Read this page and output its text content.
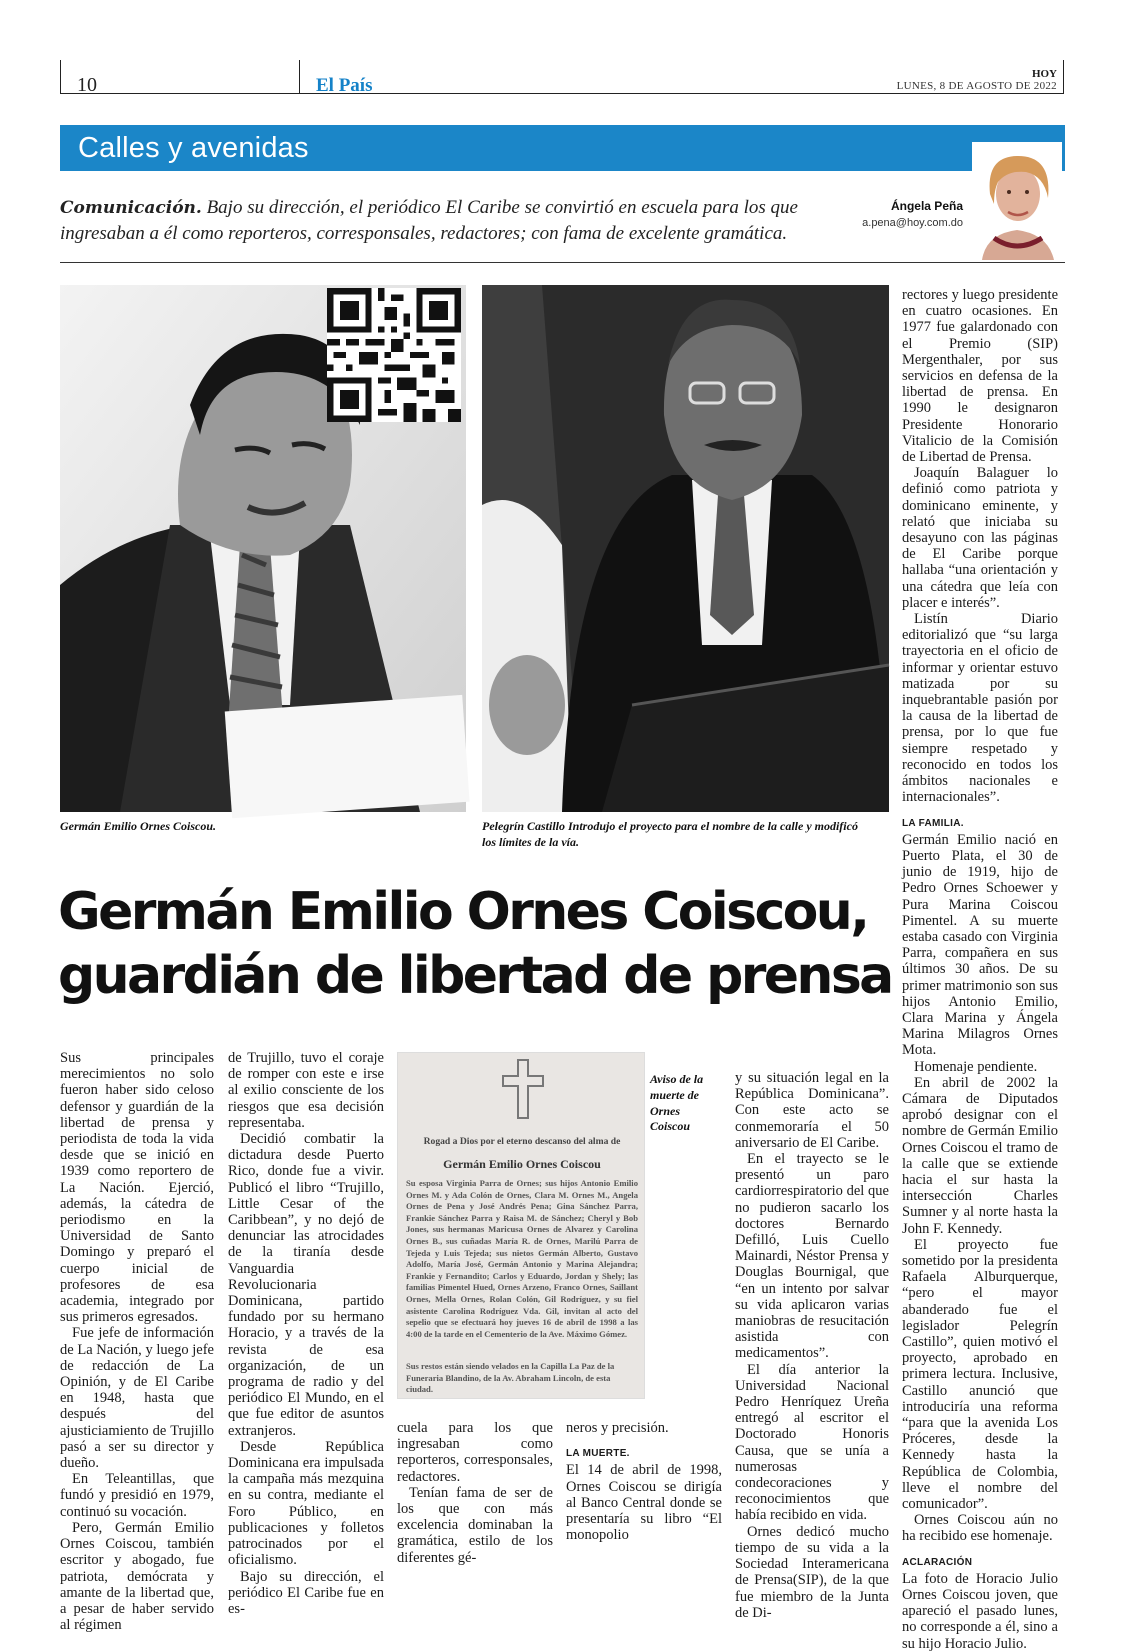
10	El País
HOY
LUNES, 8 DE AGOSTO DE 2022
Calles y avenidas
Comunicación. Bajo su dirección, el periódico El Caribe se convirtió en escuela para los que ingresaban a él como reporteros, corresponsales, redactores; con fama de excelente gramática.
Ángela Peña
a.pena@hoy.com.do
Germán Emilio Ornes Coiscou.	Pelegrín Castillo Introdujo el proyecto para el nombre de la calle y modificó los límites de la vía.
Germán Emilio Ornes Coiscou,
guardián de libertad de prensa

Sus principales merecimientos no solo fueron haber sido celoso defensor y guardián de la libertad de prensa y periodista de toda la vida desde que se inició en 1939 como reportero de La Nación. Ejerció, además, la cátedra de periodismo en la Universidad de Santo Domingo y preparó el cuerpo inicial de profesores de esa academia, integrado por sus primeros egresados.

Fue jefe de información de La Nación, y luego jefe de redacción de La Opinión, y de El Caribe en 1948, hasta que después del ajusticiamiento de Trujillo pasó a ser su director y dueño.

En Teleantillas, que fundó y presidió en 1979, continuó su vocación.

Pero, Germán Emilio Ornes Coiscou, también escritor y abogado, fue patriota, demócrata y amante de la libertad que, a pesar de haber servido al régimen

de Trujillo, tuvo el coraje de romper con este e irse al exilio consciente de los riesgos que esa decisión representaba.

Decidió combatir la dictadura desde Puerto Rico, donde fue a vivir. Publicó el libro “Trujillo, Little Cesar of the Caribbean”, y no dejó de denunciar las atrocidades de la tiranía desde Vanguardia Revolucionaria Dominicana, partido fundado por su hermano Horacio, y a través de la revista de esa organización, de un programa de radio y del periódico El Mundo, en el que fue editor de asuntos extranjeros.

Desde República Dominicana era impulsada la campaña más mezquina en su contra, mediante el Foro Público, en publicaciones y folletos patrocinados por el oficialismo.

Bajo su dirección, el periódico El Caribe fue en es-

Rogad a Dios por el eterno descanso del alma de
Germán Emilio Ornes Coiscou
Su esposa Virginia Parra de Ornes; sus hijos Antonio Emilio Ornes M. y Ada Colón de Ornes, Clara M. Ornes M., Angela Ornes de Pena y José Andrés Pena; Gina Sánchez Parra, Frankie Sánchez Parra y Raisa M. de Sánchez; Cheryl y Bob Jones, sus hermanas Maricusa Ornes de Alvarez y Carolina Ornes B., sus cuñadas María R. de Ornes, Marilú Parra de Tejeda y Luis Tejeda; sus nietos Germán Alberto, Gustavo Adolfo, María José, Germán Antonio y Marina Alejandra; Frankie y Fernandito; Carlos y Eduardo, Jordan y Shely; las familias Pimentel Hued, Ornes Arzeno, Franco Ornes, Saillant Ornes, Mella Ornes, Rolan Colón, Gil Rodríguez, y su fiel asistente Carolina Rodríguez Vda. Gil, invitan al acto del sepelio que se efectuará hoy jueves 16 de abril de 1998 a las 4:00 de la tarde en el Cementerio de la Ave. Máximo Gómez.
Sus restos están siendo velados en la Capilla La Paz de la Funeraria Blandino, de la Av. Abraham Lincoln, de esta ciudad.
Aviso de la muerte de Ornes Coiscou

cuela para los que ingresaban como reporteros, corresponsales, redactores.

Tenían fama de ser de los que con más excelencia dominaban la gramática, estilo de los diferentes gé-

neros y precisión.

LA MUERTE.

El 14 de abril de 1998, Ornes Coiscou se dirigía al Banco Central donde se presentaría su libro “El monopolio

y su situación legal en la República Dominicana”. Con este acto se conmemoraría el 50 aniversario de El Caribe.

En el trayecto se le presentó un paro cardiorrespiratorio del que no pudieron sacarlo los doctores Bernardo Defilló, Luis Cuello Mainardi, Néstor Prensa y Douglas Bournigal, que “en un intento por salvar su vida aplicaron varias maniobras de resucitación asistida con medicamentos”.

El día anterior la Universidad Nacional Pedro Henríquez Ureña entregó al escritor el Doctorado Honoris Causa, que se unía a numerosas condecoraciones y reconocimientos que había recibido en vida.

Ornes dedicó mucho tiempo de su vida a la Sociedad Interamericana de Prensa(SIP), de la que fue miembro de la Junta de Di-

rectores y luego presidente en cuatro ocasiones. En 1977 fue galardonado con el Premio (SIP) Mergenthaler, por sus servicios en defensa de la libertad de prensa. En 1990 le designaron Presidente Honorario Vitalicio de la Comisión de Libertad de Prensa.

Joaquín Balaguer lo definió como patriota y dominicano eminente, y relató que iniciaba su desayuno con las páginas de El Caribe porque hallaba “una orientación y una cátedra que leía con placer e interés”.

Listín Diario editorializó que “su larga trayectoria en el oficio de informar y orientar estuvo matizada por su inquebrantable pasión por la causa de la libertad de prensa, por lo que fue siempre respetado y reconocido en todos los ámbitos nacionales e internacionales”.

LA FAMILIA.

Germán Emilio nació en Puerto Plata, el 30 de junio de 1919, hijo de Pedro Ornes Schoewer y Pura Marina Coiscou Pimentel. A su muerte estaba casado con Virginia Parra, compañera en sus últimos 30 años. De su primer matrimonio son sus hijos Antonio Emilio, Clara Marina y Ángela Marina Milagros Ornes Mota.

Homenaje pendiente.

En abril de 2002 la Cámara de Diputados aprobó designar con el nombre de Germán Emilio Ornes Coiscou el tramo de la calle que se extiende hacia el sur hasta la intersección Charles Sumner y al norte hasta la John F. Kennedy.

El proyecto fue sometido por la presidenta Rafaela Alburquerque, “pero el mayor abanderado fue el legislador Pelegrín Castillo”, quien motivó el proyecto, aprobado en primera lectura. Inclusive, Castillo anunció que introduciría una reforma “para que la avenida Los Próceres, desde la Kennedy hasta la República de Colombia, lleve el nombre del comunicador”.

Ornes Coiscou aún no ha recibido ese homenaje.

ACLARACIÓN

La foto de Horacio Julio Ornes Coiscou joven, que apareció el pasado lunes, no corresponde a él, sino a su hijo Horacio Julio.
